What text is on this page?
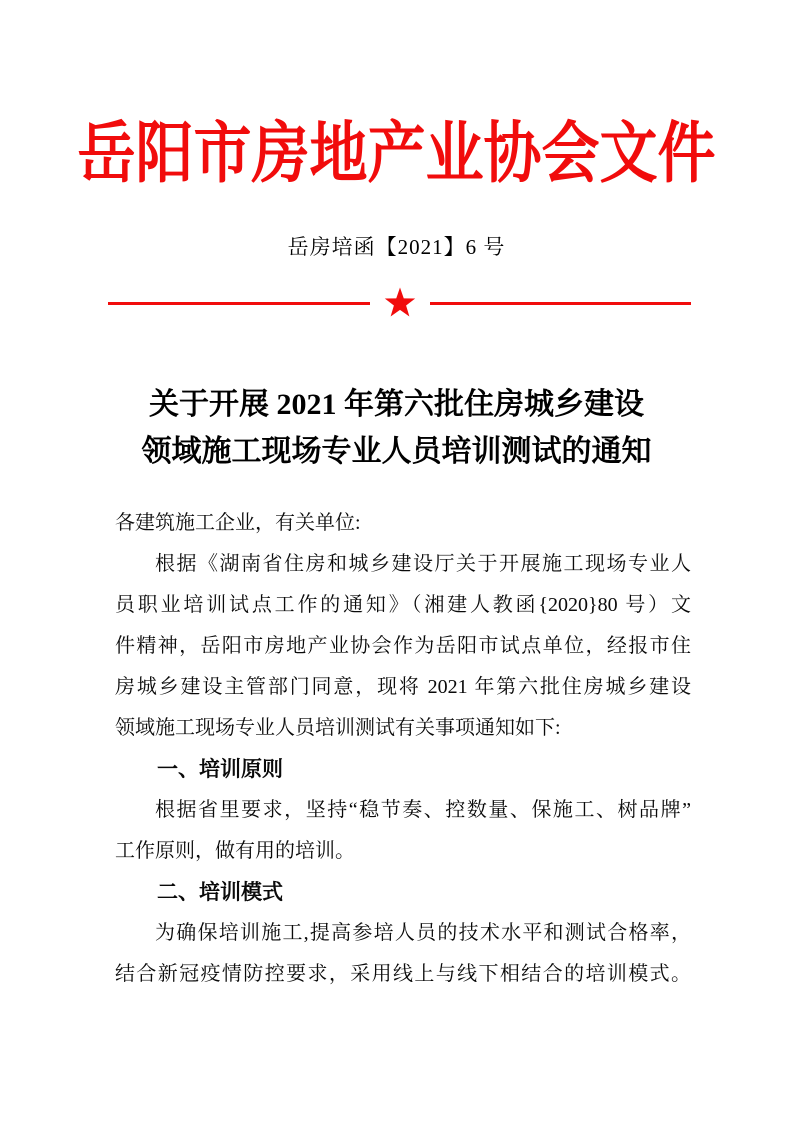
岳阳市房地产业协会文件
岳房培函【2021】6 号
关于开展 2021 年第六批住房城乡建设
领域施工现场专业人员培训测试的通知
各建筑施工企业，有关单位:
根据《湖南省住房和城乡建设厅关于开展施工现场专业人
员职业培训试点工作的通知》（湘建人教函{2020}80 号）文
件精神，岳阳市房地产业协会作为岳阳市试点单位，经报市住
房城乡建设主管部门同意，现将 2021 年第六批住房城乡建设
领域施工现场专业人员培训测试有关事项通知如下:
一、培训原则
根据省里要求，坚持“稳节奏、控数量、保施工、树品牌”
工作原则，做有用的培训。
二、培训模式
为确保培训施工,提高参培人员的技术水平和测试合格率，
结合新冠疫情防控要求，采用线上与线下相结合的培训模式。
